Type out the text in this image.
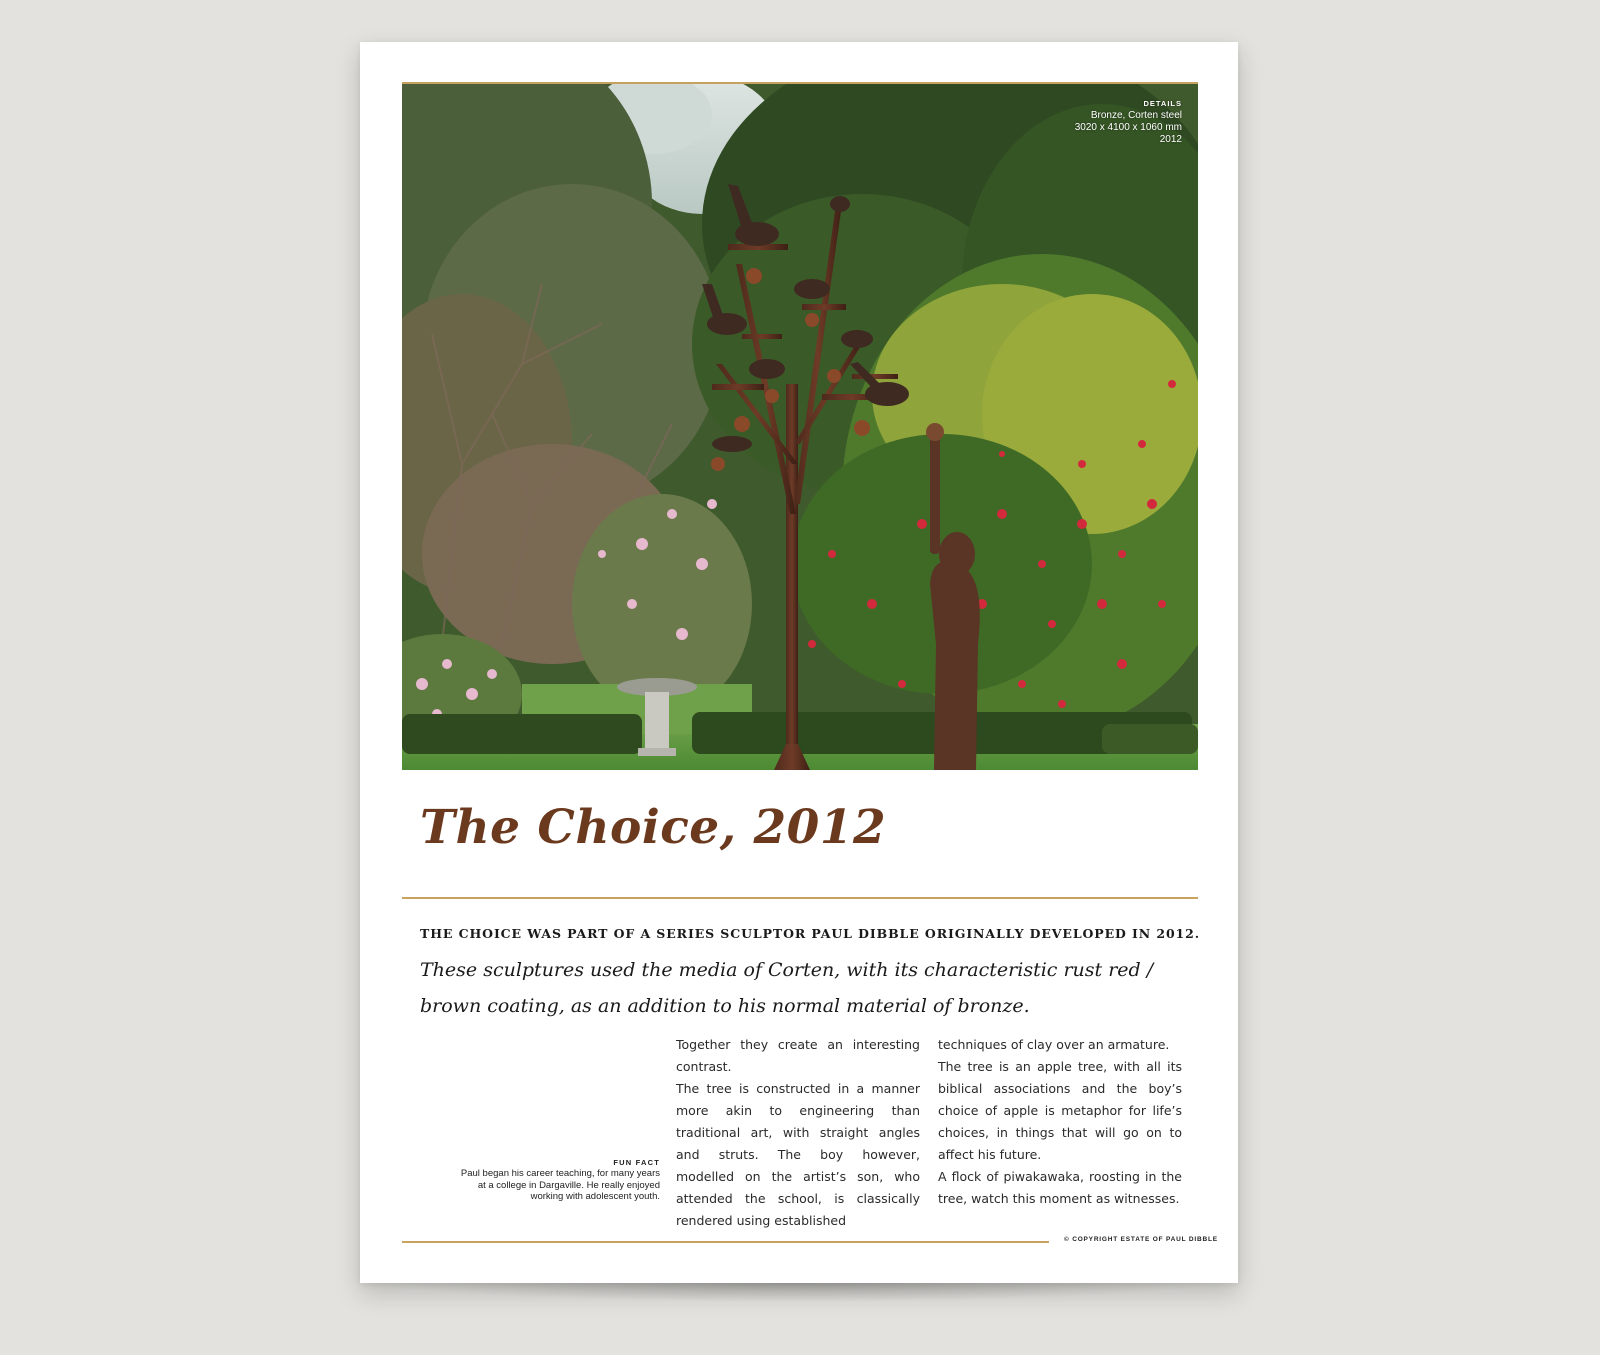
DETAILS
Bronze, Corten steel
3020 x 4100 x 1060 mm
2012
The Choice, 2012

THE CHOICE WAS PART OF A SERIES SCULPTOR PAUL DIBBLE ORIGINALLY DEVELOPED IN 2012.

These sculptures used the media of Corten, with its characteristic rust red / brown coating, as an addition to his normal material of bronze.

FUN FACT
Paul began his career teaching, for many years at a college in Dargaville. He really enjoyed working with adolescent youth.

Together they create an interesting contrast.

The tree is constructed in a manner more akin to engineering than traditional art, with straight angles and struts. The boy however, modelled on the artist’s son, who attended the school, is classically rendered using established

techniques of clay over an armature.

The tree is an apple tree, with all its biblical associations and the boy’s choice of apple is metaphor for life’s choices, in things that will go on to affect his future.

A flock of piwakawaka, roosting in the tree, watch this moment as witnesses.

© COPYRIGHT ESTATE OF PAUL DIBBLE
